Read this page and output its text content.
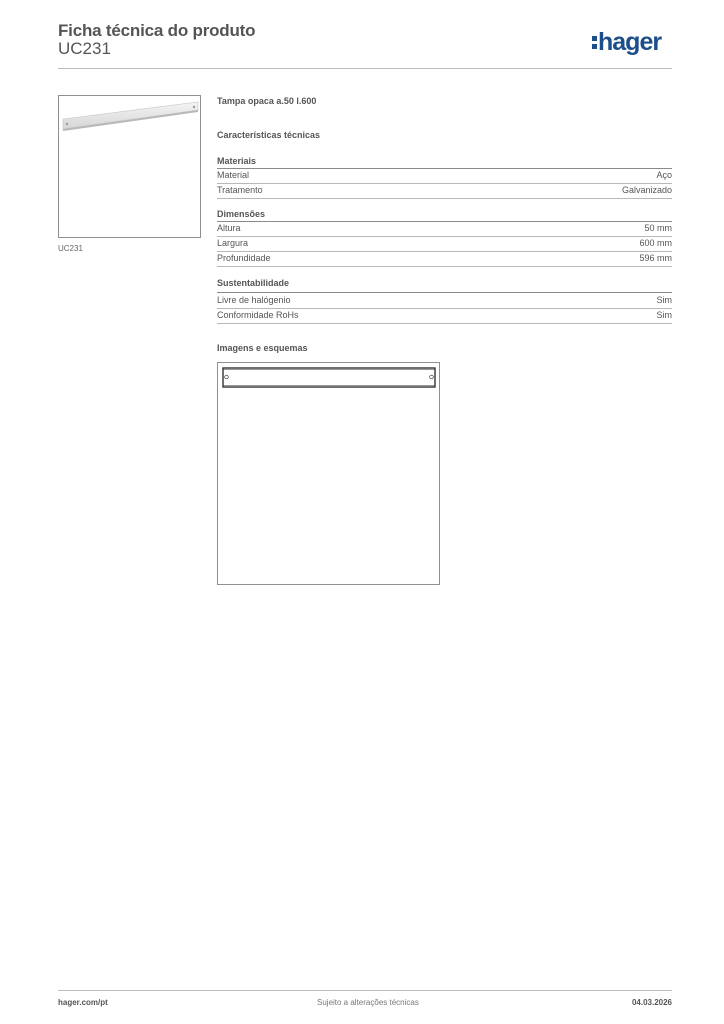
Ficha técnica do produto
UC231	hager
UC231
Tampa opaca a.50 l.600
Características técnicas
Materiais
Material	Aço
Tratamento	Galvanizado
Dimensões
Altura	50 mm
Largura	600 mm
Profundidade	596 mm
Sustentabilidade
Livre de halógenio	Sim
Conformidade RoHs	Sim
Imagens e esquemas
hager.com/pt	Sujeito a alterações técnicas	04.03.2026
